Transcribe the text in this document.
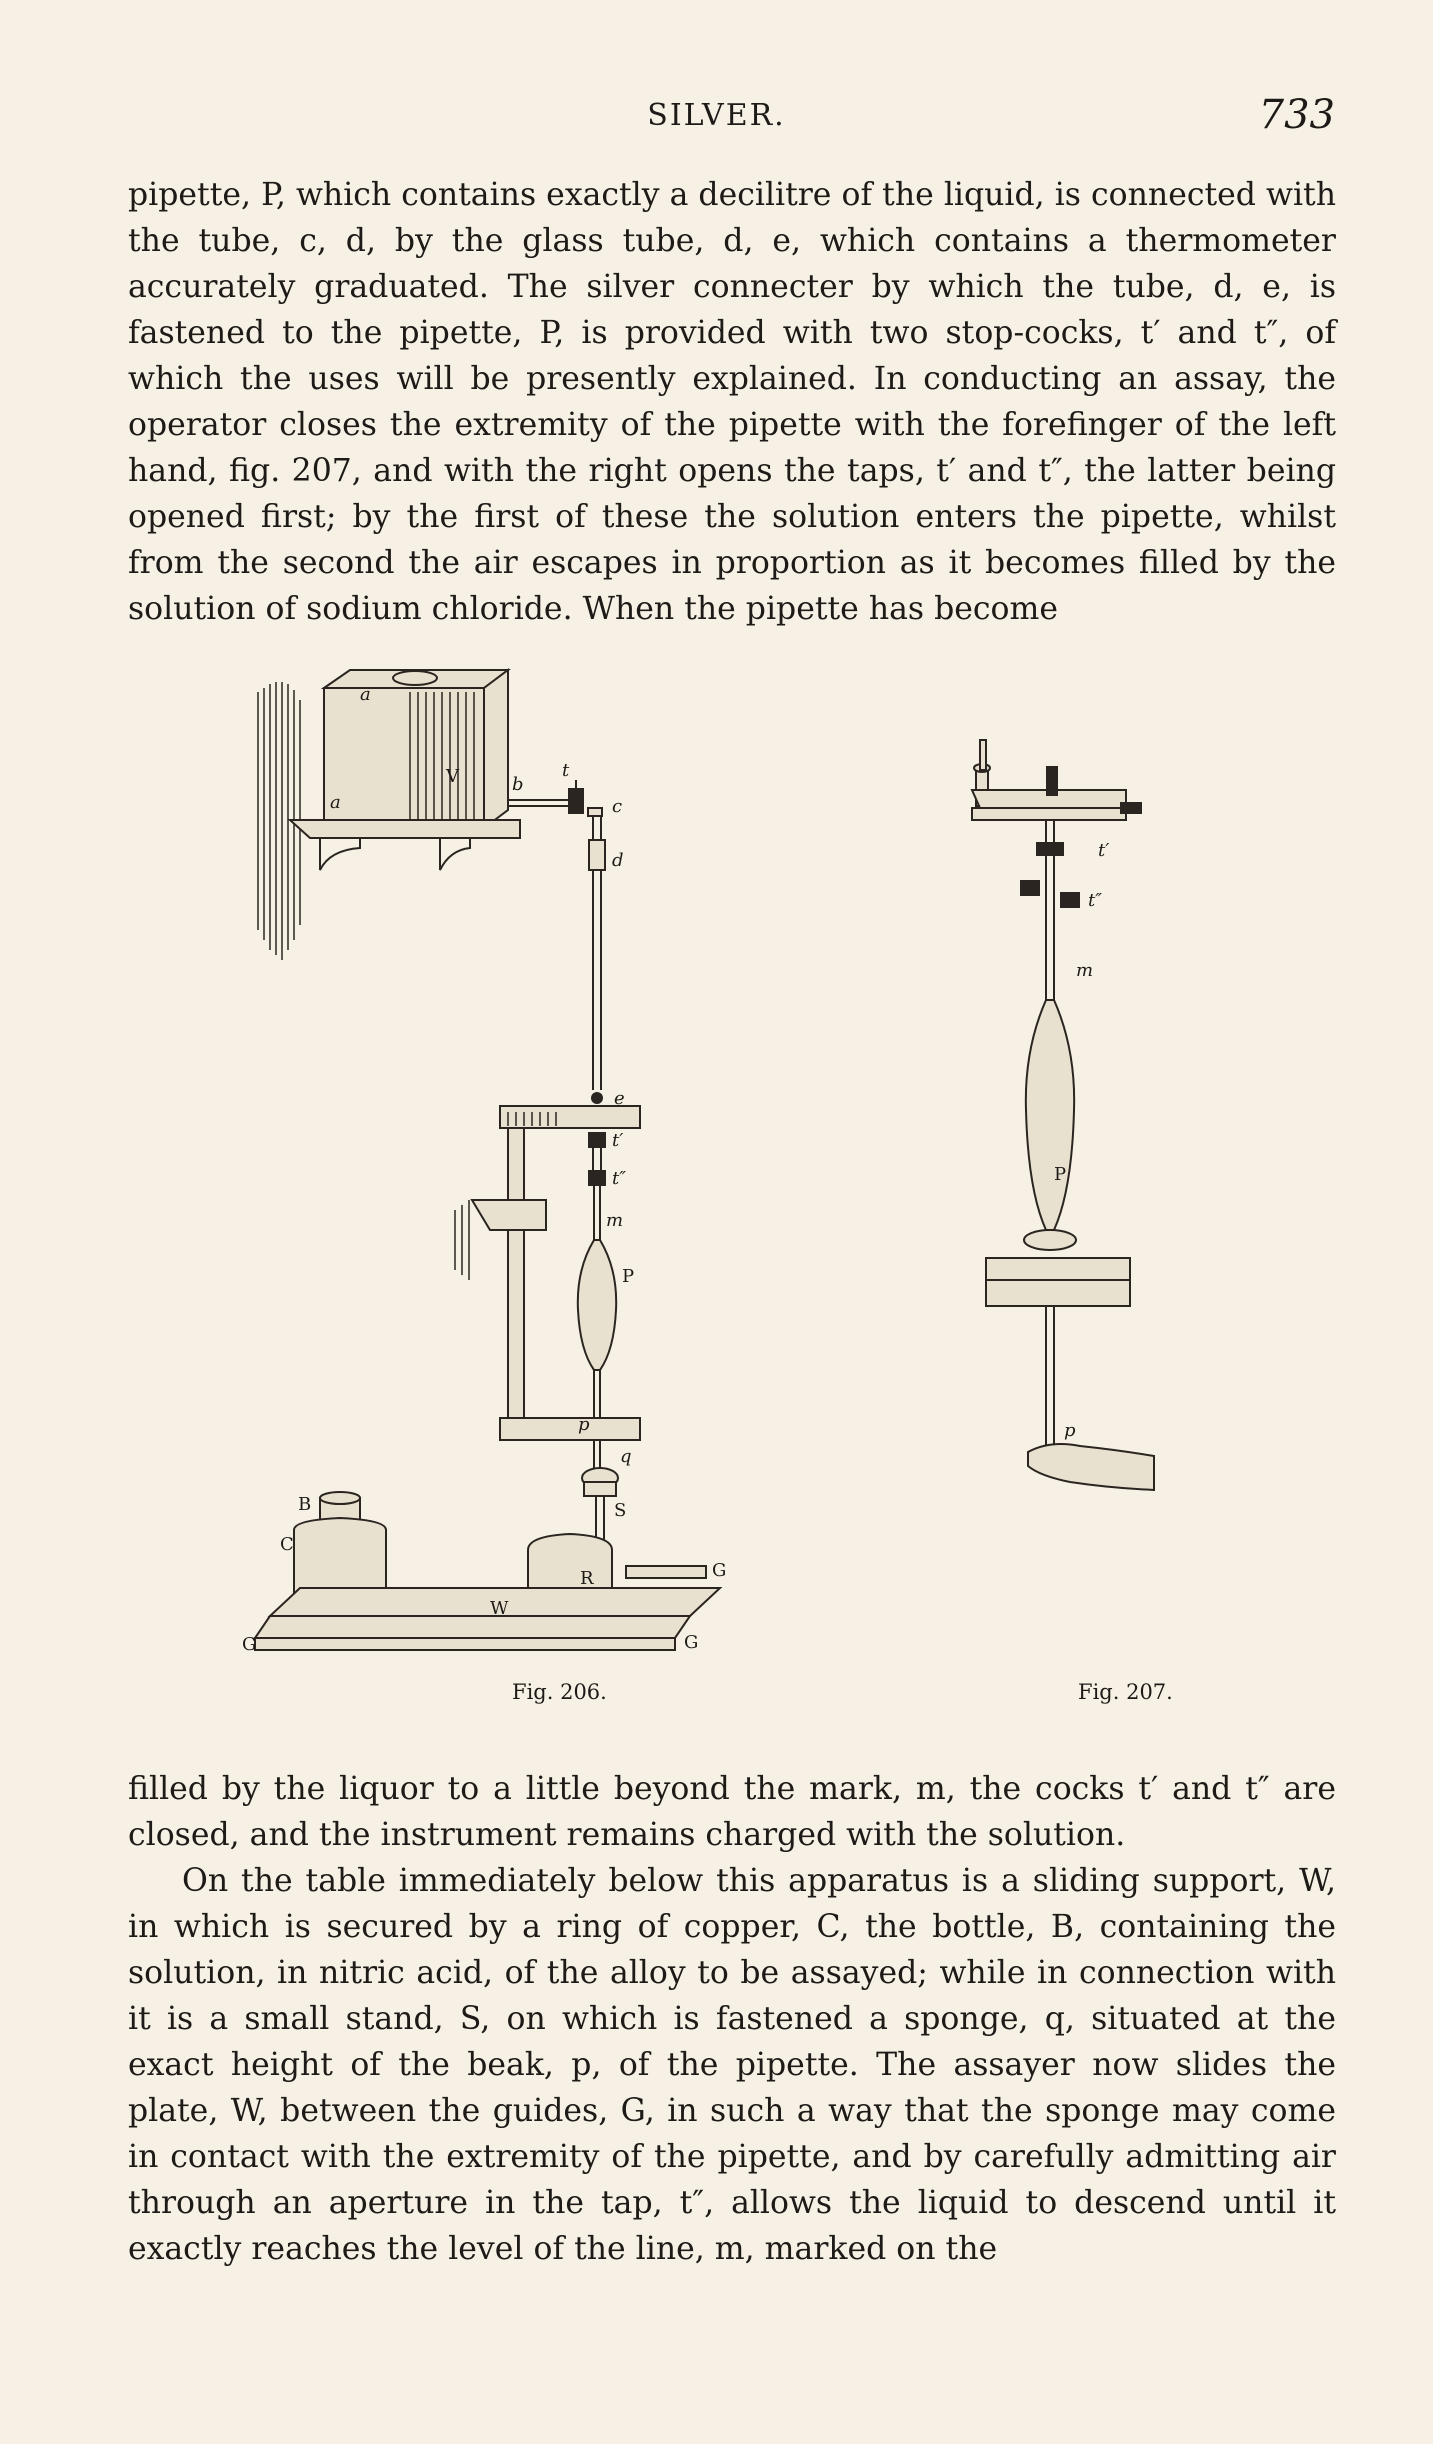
SILVER.	733

pipette, P, which contains exactly a decilitre of the liquid, is connected with the tube, c, d, by the glass tube, d, e, which contains a thermometer accurately graduated. The silver connecter by which the tube, d, e, is fastened to the pipette, P, is provided with two stop-cocks, t′ and t″, of which the uses will be presently explained. In conducting an assay, the operator closes the extremity of the pipette with the forefinger of the left hand, fig. 207, and with the right opens the taps, t′ and t″, the latter being opened first; by the first of these the solution enters the pipette, whilst from the second the air escapes in proportion as it becomes filled by the solution of sodium chloride. When the pipette has become

a
a
V	b
t
c
d
e
t′
t″
m
P
p
q
S
B
C
R
W
G
G
G
t′
t″
m
P
p
Fig. 206.	Fig. 207.

filled by the liquor to a little beyond the mark, m, the cocks t′ and t″ are closed, and the instrument remains charged with the solution.

On the table immediately below this apparatus is a sliding support, W, in which is secured by a ring of copper, C, the bottle, B, containing the solution, in nitric acid, of the alloy to be assayed; while in connection with it is a small stand, S, on which is fastened a sponge, q, situated at the exact height of the beak, p, of the pipette. The assayer now slides the plate, W, between the guides, G, in such a way that the sponge may come in contact with the extremity of the pipette, and by carefully admitting air through an aperture in the tap, t″, allows the liquid to descend until it exactly reaches the level of the line, m, marked on the
